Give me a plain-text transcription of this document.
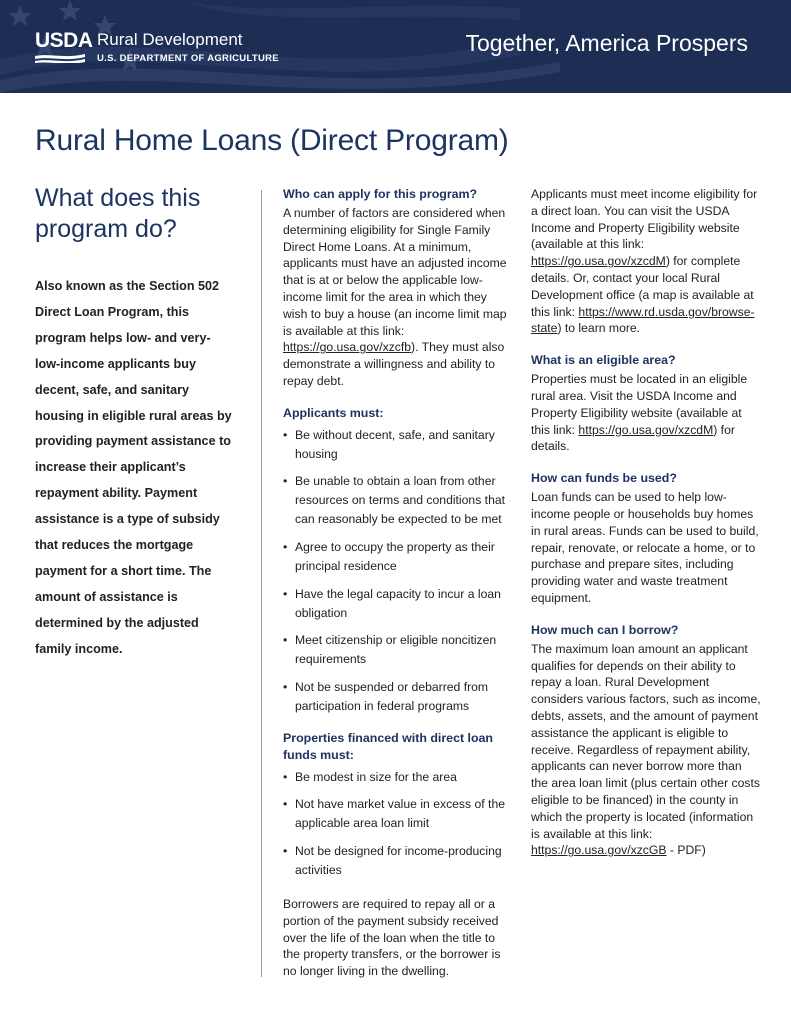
USDA Rural Development
U.S. DEPARTMENT OF AGRICULTURE
Together, America Prospers
Rural Home Loans (Direct Program)
What does this program do?

Also known as the Section 502 Direct Loan Program, this program helps low- and very-low-income applicants buy decent, safe, and sanitary housing in eligible rural areas by providing payment assistance to increase their applicant’s repayment ability. Payment assistance is a type of subsidy that reduces the mortgage payment for a short time. The amount of assistance is determined by the adjusted family income.

Who can apply for this program?

A number of factors are considered when determining eligibility for Single Family Direct Home Loans. At a minimum, applicants must have an adjusted income that is at or below the applicable low-income limit for the area in which they wish to buy a house (an income limit map is available at this link: https://go.usa.gov/xzcfb). They must also demonstrate a willingness and ability to repay debt.

Applicants must:
• Be without decent, safe, and sanitary housing
• Be unable to obtain a loan from other resources on terms and conditions that can reasonably be expected to be met
• Agree to occupy the property as their principal residence
• Have the legal capacity to incur a loan obligation
• Meet citizenship or eligible noncitizen requirements
• Not be suspended or debarred from participation in federal programs
Properties financed with direct loan funds must:
• Be modest in size for the area
• Not have market value in excess of the applicable area loan limit
• Not be designed for income-producing activities

Borrowers are required to repay all or a portion of the payment subsidy received over the life of the loan when the title to the property transfers, or the borrower is no longer living in the dwelling.

Applicants must meet income eligibility for a direct loan. You can visit the USDA Income and Property Eligibility website (available at this link: https://go.usa.gov/xzcdM) for complete details. Or, contact your local Rural Development office (a map is available at this link: https://www.rd.usda.gov/browse-state) to learn more.

What is an eligible area?

Properties must be located in an eligible rural area. Visit the USDA Income and Property Eligibility website (available at this link: https://go.usa.gov/xzcdM) for details.

How can funds be used?

Loan funds can be used to help low-income people or households buy homes in rural areas. Funds can be used to build, repair, renovate, or relocate a home, or to purchase and prepare sites, including providing water and waste treatment equipment.

How much can I borrow?

The maximum loan amount an applicant qualifies for depends on their ability to repay a loan. Rural Development considers various factors, such as income, debts, assets, and the amount of payment assistance the applicant is eligible to receive. Regardless of repayment ability, applicants can never borrow more than the area loan limit (plus certain other costs eligible to be financed) in the county in which the property is located (information is available at this link: https://go.usa.gov/xzcGB - PDF)
